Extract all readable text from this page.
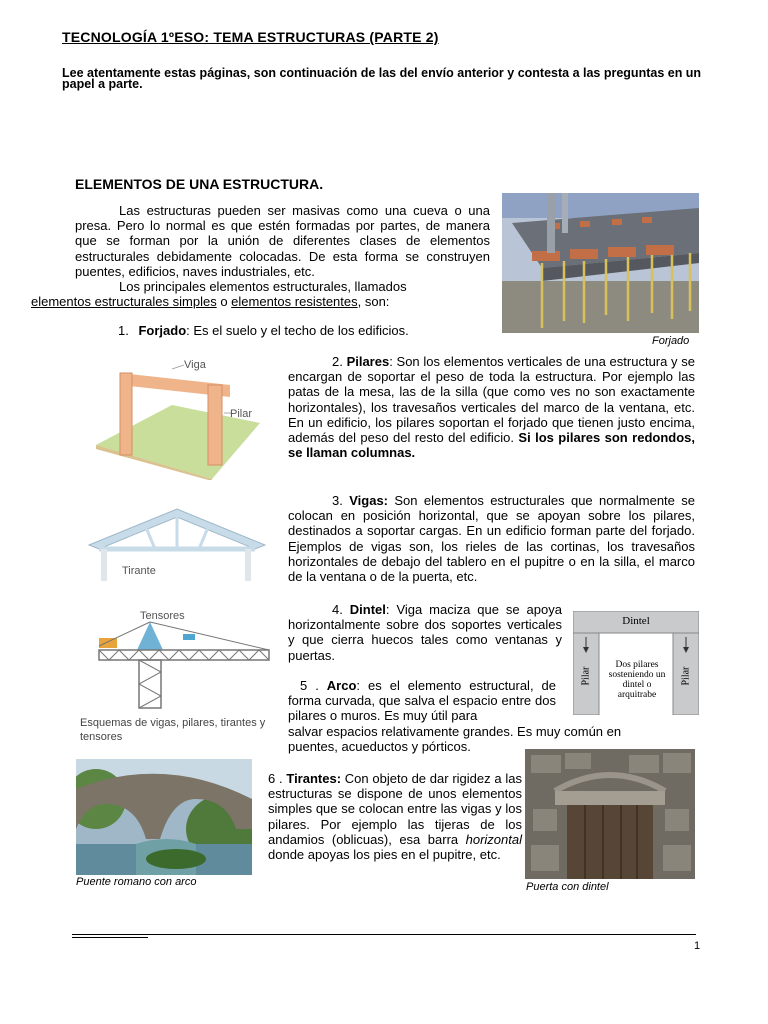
TECNOLOGÍA 1ºESO: TEMA ESTRUCTURAS (PARTE 2)
Lee atentamente estas páginas, son continuación de las del envío anterior y contesta a las preguntas en un papel a parte.
ELEMENTOS DE UNA ESTRUCTURA.

Las estructuras pueden ser masivas como una cueva o una presa. Pero lo normal es que estén formadas por partes, de manera que se forman por la unión de diferentes clases de elementos estructurales debidamente colocadas. De esta forma se construyen puentes, edificios, naves industriales, etc.

Los principales elementos estructurales, llamados
elementos estructurales simples o elementos resistentes, son:

1. Forjado: Es el suelo y el techo de los edificios.
Forjado
Viga
Pilar
Tirante
Tensores
Esquemas de vigas, pilares, tirantes y tensores
2. Pilares: Son los elementos verticales de una estructura y se encargan de soportar el peso de toda la estructura. Por ejemplo las patas de la mesa, las de la silla (que como ves no son exactamente horizontales), los travesaños verticales del marco de la ventana, etc. En un edificio, los pilares soportan el forjado que tienen justo encima, además del peso del resto del edificio. Si los pilares son redondos, se llaman columnas.
3. Vigas: Son elementos estructurales que normalmente se colocan en posición horizontal, que se apoyan sobre los pilares, destinados a soportar cargas. En un edificio forman parte del forjado. Ejemplos de vigas son, los rieles de las cortinas, los travesaños horizontales de debajo del tablero en el pupitre o en la silla, el marco de la ventana o de la puerta, etc.
4. Dintel: Viga maciza que se apoya horizontalmente sobre dos soportes verticales y que cierra huecos tales como ventanas y puertas.
Dintel
Pilar	Pilar
Dos pilares sosteniendo un dintel o arquitrabe
5 . Arco: es el elemento estructural, de forma curvada, que salva el espacio entre dos pilares o muros. Es muy útil para
salvar espacios relativamente grandes. Es muy común en puentes, acueductos y pórticos.
Puente romano con arco
6 . Tirantes: Con objeto de dar rigidez a las estructuras se dispone de unos elementos simples que se colocan entre las vigas y los pilares. Por ejemplo las tijeras de los andamios (oblicuas), esa barra horizontal donde apoyas los pies en el pupitre, etc.
Puerta con dintel
1
